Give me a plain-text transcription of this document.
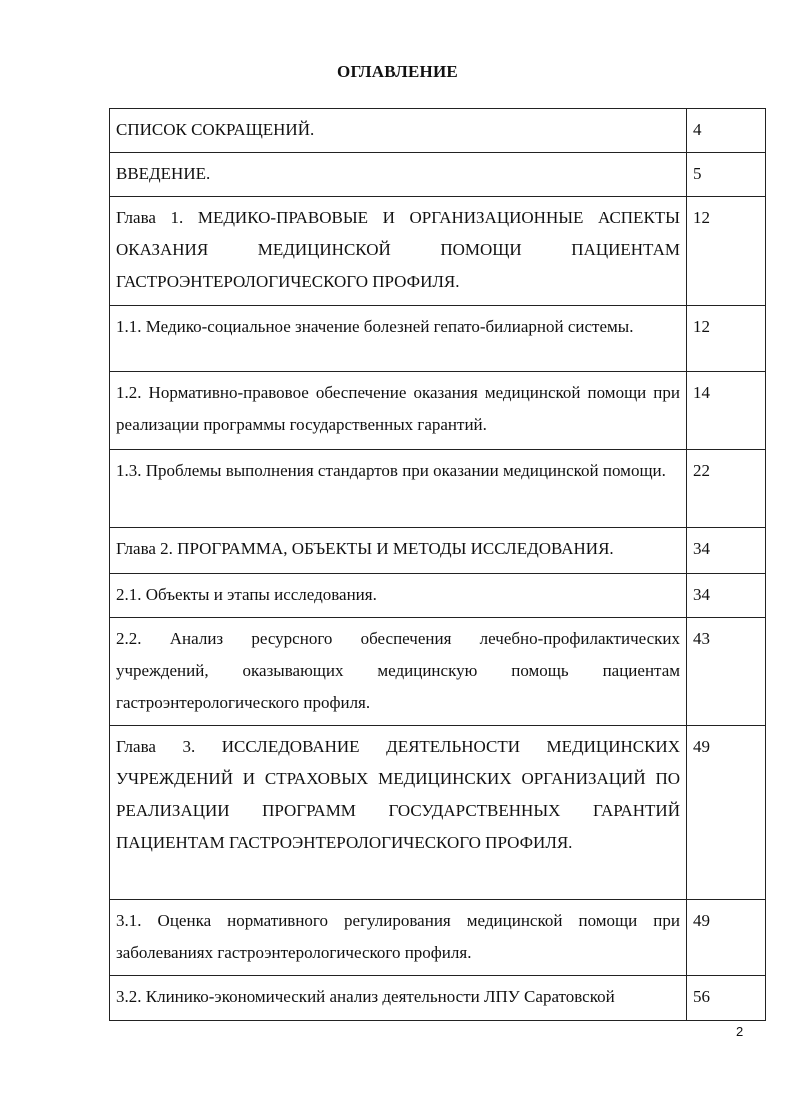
ОГЛАВЛЕНИЕ
СПИСОК СОКРАЩЕНИЙ.	4
ВВЕДЕНИЕ.	5
Глава 1. МЕДИКО-ПРАВОВЫЕ И ОРГАНИЗАЦИОННЫЕ АСПЕКТЫ ОКАЗАНИЯ МЕДИЦИНСКОЙ ПОМОЩИ ПАЦИЕНТАМ ГАСТРОЭНТЕРОЛОГИЧЕСКОГО ПРОФИЛЯ.	12
1.1. Медико-социальное значение болезней гепато-билиарной системы.	12
1.2. Нормативно-правовое обеспечение оказания медицинской помощи при реализации программы государственных гарантий.	14
1.3. Проблемы выполнения стандартов при оказании медицинской помощи.	22
Глава 2. ПРОГРАММА, ОБЪЕКТЫ И МЕТОДЫ ИССЛЕДОВАНИЯ.	34
2.1. Объекты и этапы исследования.	34
2.2. Анализ ресурсного обеспечения лечебно-профилактических учреждений, оказывающих медицинскую помощь пациентам гастроэнтерологического профиля.	43
Глава 3. ИССЛЕДОВАНИЕ ДЕЯТЕЛЬНОСТИ МЕДИЦИНСКИХ УЧРЕЖДЕНИЙ И СТРАХОВЫХ МЕДИЦИНСКИХ ОРГАНИЗАЦИЙ ПО РЕАЛИЗАЦИИ ПРОГРАММ ГОСУДАРСТВЕННЫХ ГАРАНТИЙ ПАЦИЕНТАМ ГАСТРОЭНТЕРОЛОГИЧЕСКОГО ПРОФИЛЯ.	49
3.1. Оценка нормативного регулирования медицинской помощи при заболеваниях гастроэнтерологического профиля.	49
3.2. Клинико-экономический анализ деятельности ЛПУ Саратовской	56
2
